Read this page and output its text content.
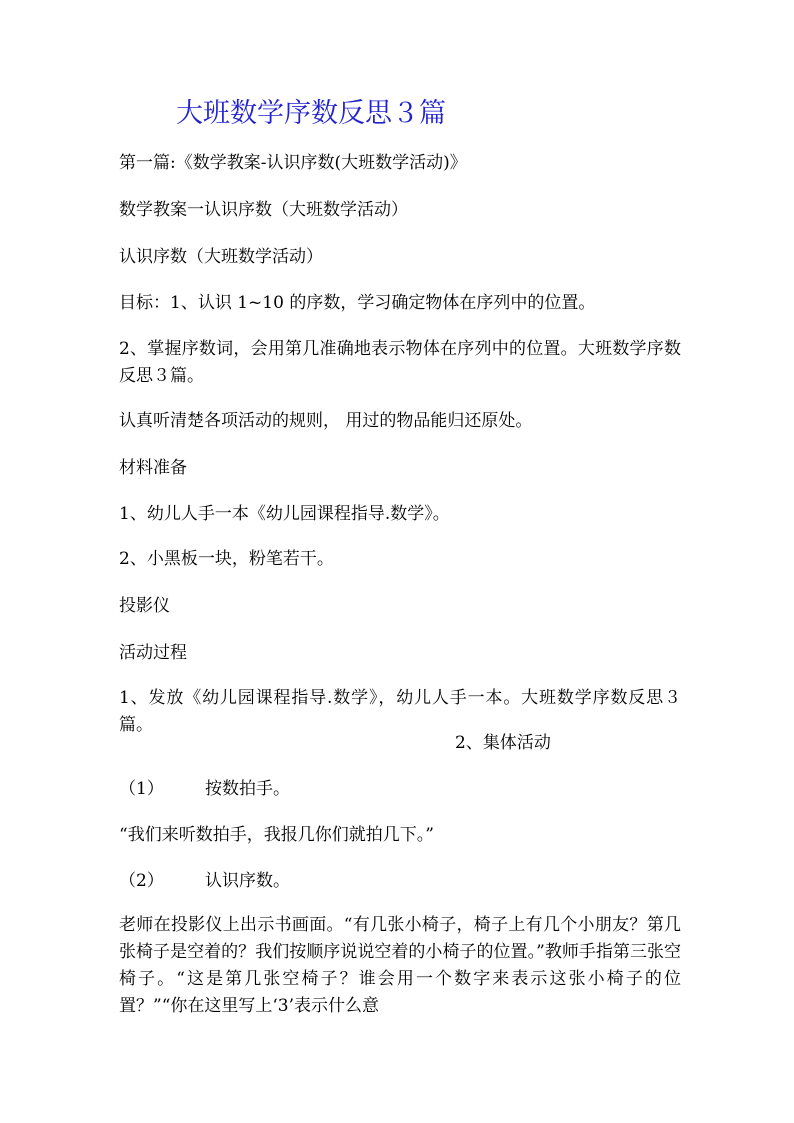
大班数学序数反思３篇
第一篇:《数学教案-认识序数(大班数学活动)》
数学教案一认识序数（大班数学活动）
认识序数（大班数学活动）
目标：1、认识 1~10 的序数，学习确定物体在序列中的位置。
2、掌握序数词，会用第几准确地表示物体在序列中的位置。大班数学序数反思３篇。
认真听清楚各项活动的规则， 用过的物品能归还原处。
材料准备
1、幼儿人手一本《幼儿园课程指导.数学》。
2、小黑板一块，粉笔若干。
投影仪
活动过程
1、发放《幼儿园课程指导.数学》，幼儿人手一本。大班数学序数反思３篇。
2、集体活动
（1） 按数拍手。
“我们来听数拍手，我报几你们就拍几下。”
（2） 认识序数。
老师在投影仪上出示书画面。“有几张小椅子，椅子上有几个小朋友？第几张椅子是空着的？我们按顺序说说空着的小椅子的位置。”教师手指第三张空椅子。“这是第几张空椅子？谁会用一个数字来表示这张小椅子的位置？”“你在这里写上‘3’表示什么意
